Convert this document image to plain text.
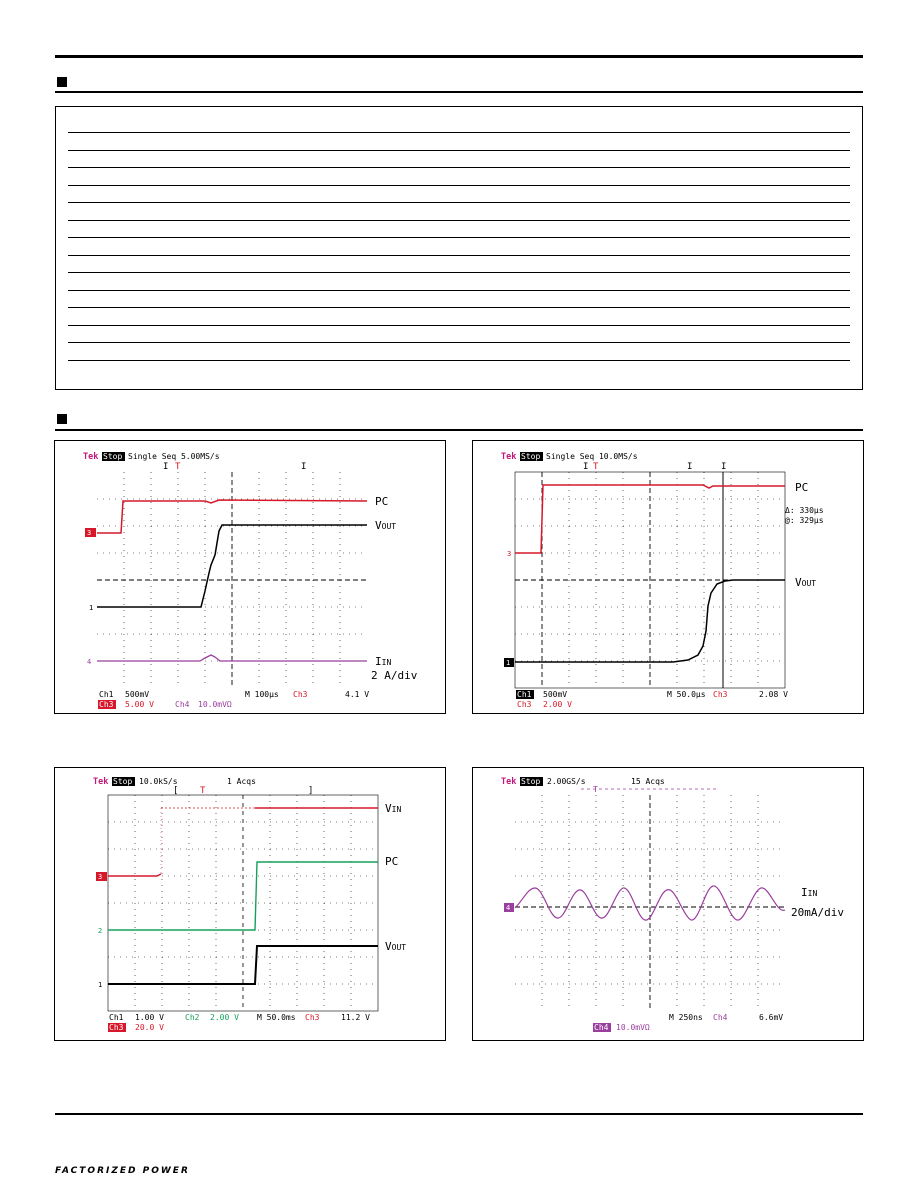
Tek Stop Single Seq 5.00MS/s
I T	I
3
1
4
PC
VOUT
IIN
2 A/div
Ch1 500mV	M 100µs Ch3	4.1 V
Ch3 5.00 V	Ch4 10.0mVΩ
Tek Stop Single Seq 10.0MS/s
I T	I	I
3
1
PC
Δ: 330µs
@: 329µs
VOUT
Ch1 500mV	M 50.0µs Ch3	2.08 V
Ch3 2.00 V
Tek Stop 10.0kS/s	1 Acqs
[ T	]
3
2
1
VIN
PC
VOUT
Ch1 1.00 V	Ch2 2.00 V M 50.0ms Ch3	11.2 V
Ch3 20.0 V
Tek Stop 2.00GS/s	15 Acqs
T
4
IIN
20mA/div
M 250ns Ch4	6.6mV
Ch4 10.0mVΩ
FACTORIZED POWER
